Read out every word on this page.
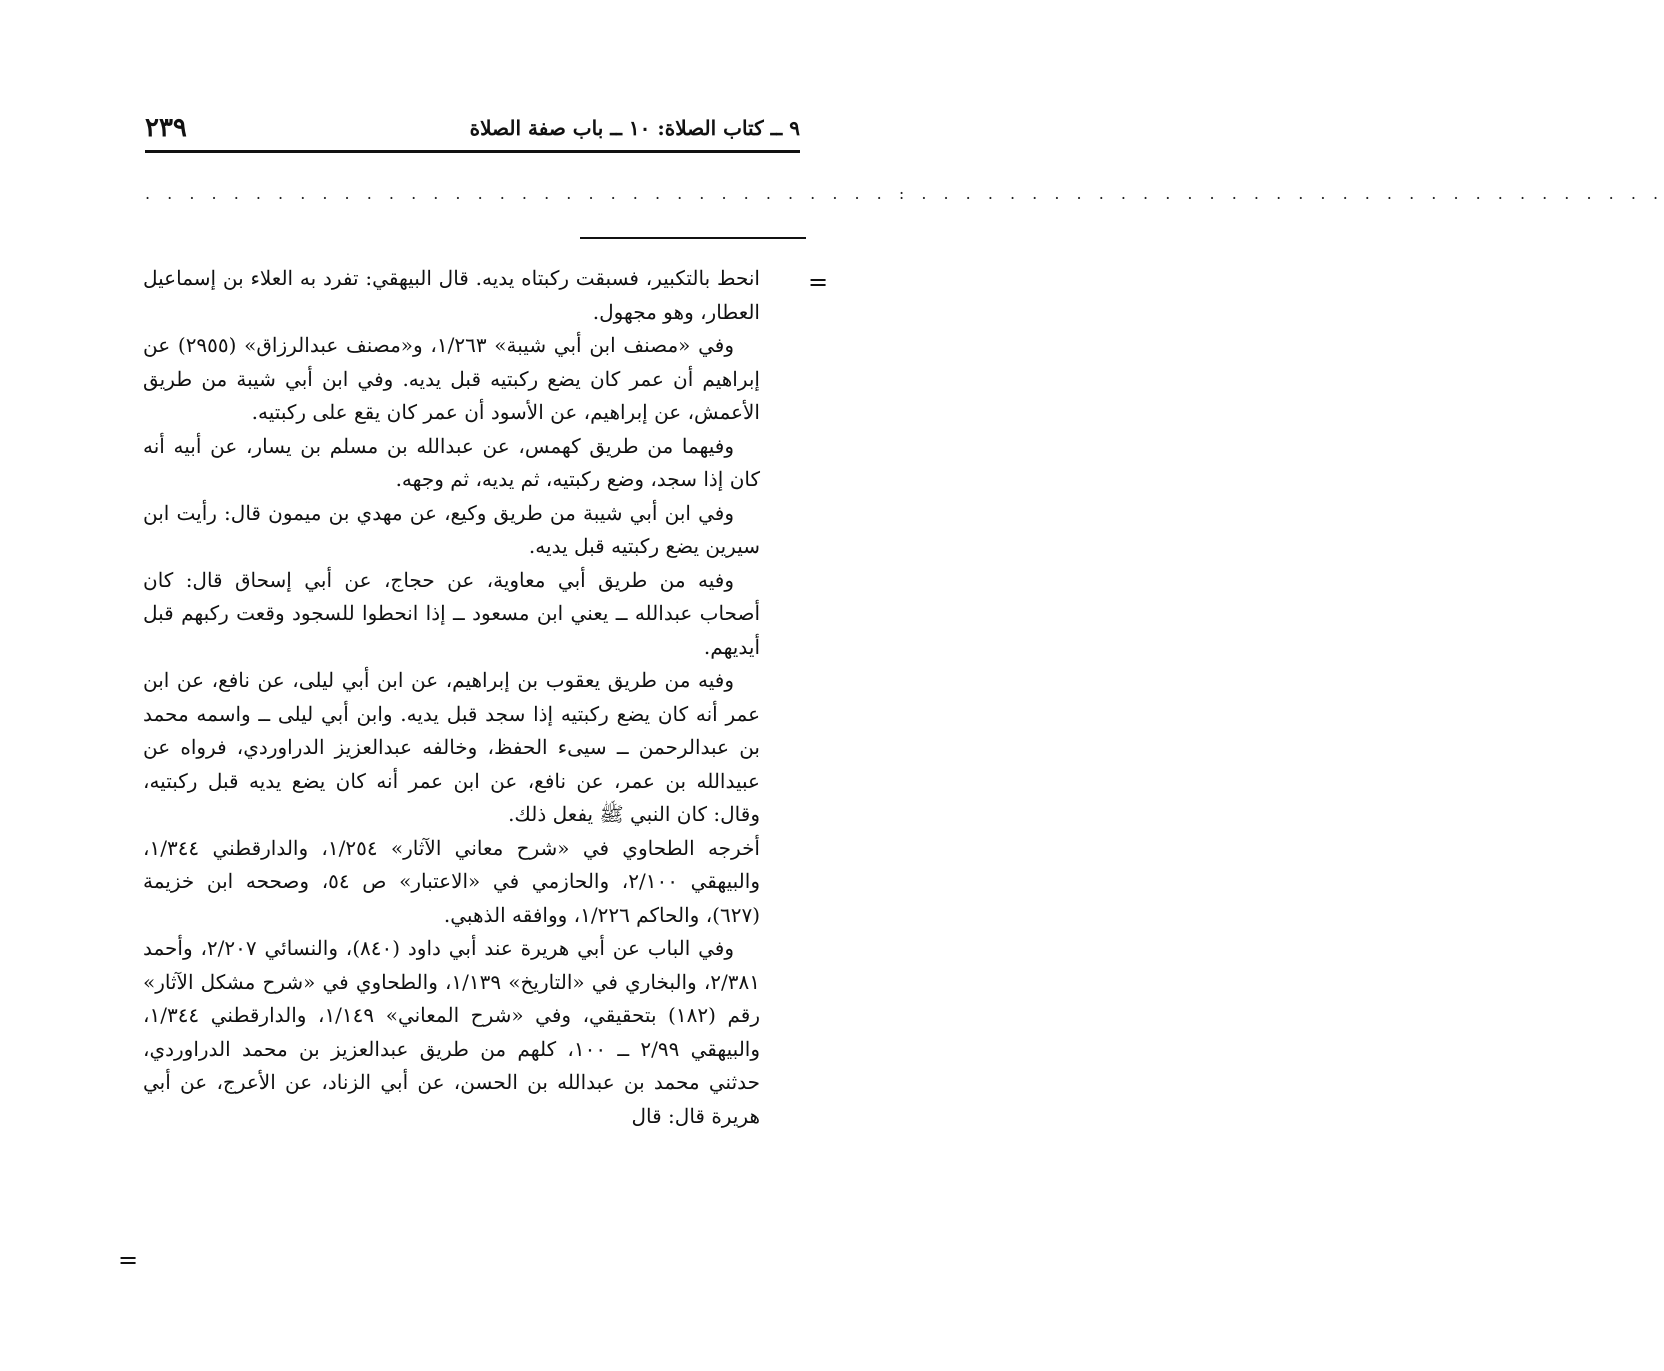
٩ ــ كتاب الصلاة: ١٠ ــ باب صفة الصلاة
٢٣٩
. . . . . . . . . . . . . . . . . . . . . . . . . . . . . . . . . . : . . . . . . . . . . . . . . . . . . . . . . . . . . . . . . . . . .
=

انحط بالتكبير، فسبقت ركبتاه يديه. قال البيهقي: تفرد به العلاء بن إسماعيل العطار، وهو مجهول.

وفي «مصنف ابن أبي شيبة» ١/٢٦٣، و«مصنف عبدالرزاق» (٢٩٥٥) عن إبراهيم أن عمر كان يضع ركبتيه قبل يديه. وفي ابن أبي شيبة من طريق الأعمش، عن إبراهيم، عن الأسود أن عمر كان يقع على ركبتيه.

وفيهما من طريق كهمس، عن عبدالله بن مسلم بن يسار، عن أبيه أنه كان إذا سجد، وضع ركبتيه، ثم يديه، ثم وجهه.

وفي ابن أبي شيبة من طريق وكيع، عن مهدي بن ميمون قال: رأيت ابن سيرين يضع ركبتيه قبل يديه.

وفيه من طريق أبي معاوية، عن حجاج، عن أبي إسحاق قال: كان أصحاب عبدالله ــ يعني ابن مسعود ــ إذا انحطوا للسجود وقعت ركبهم قبل أيديهم.

وفيه من طريق يعقوب بن إبراهيم، عن ابن أبي ليلى، عن نافع، عن ابن عمر أنه كان يضع ركبتيه إذا سجد قبل يديه. وابن أبي ليلى ــ واسمه محمد بن عبدالرحمن ــ سيىء الحفظ، وخالفه عبدالعزيز الدراوردي، فرواه عن عبيدالله بن عمر، عن نافع، عن ابن عمر أنه كان يضع يديه قبل ركبتيه، وقال: كان النبي ﷺ يفعل ذلك.

أخرجه الطحاوي في «شرح معاني الآثار» ١/٢٥٤، والدارقطني ١/٣٤٤، والبيهقي ٢/١٠٠، والحازمي في «الاعتبار» ص ٥٤، وصححه ابن خزيمة (٦٢٧)، والحاكم ١/٢٢٦، ووافقه الذهبي.

وفي الباب عن أبي هريرة عند أبي داود (٨٤٠)، والنسائي ٢/٢٠٧، وأحمد ٢/٣٨١، والبخاري في «التاريخ» ١/١٣٩، والطحاوي في «شرح مشكل الآثار» رقم (١٨٢) بتحقيقي، وفي «شرح المعاني» ١/١٤٩، والدارقطني ١/٣٤٤، والبيهقي ٢/٩٩ ــ ١٠٠، كلهم من طريق عبدالعزيز بن محمد الدراوردي، حدثني محمد بن عبدالله بن الحسن، عن أبي الزناد، عن الأعرج، عن أبي هريرة قال: قال

=
